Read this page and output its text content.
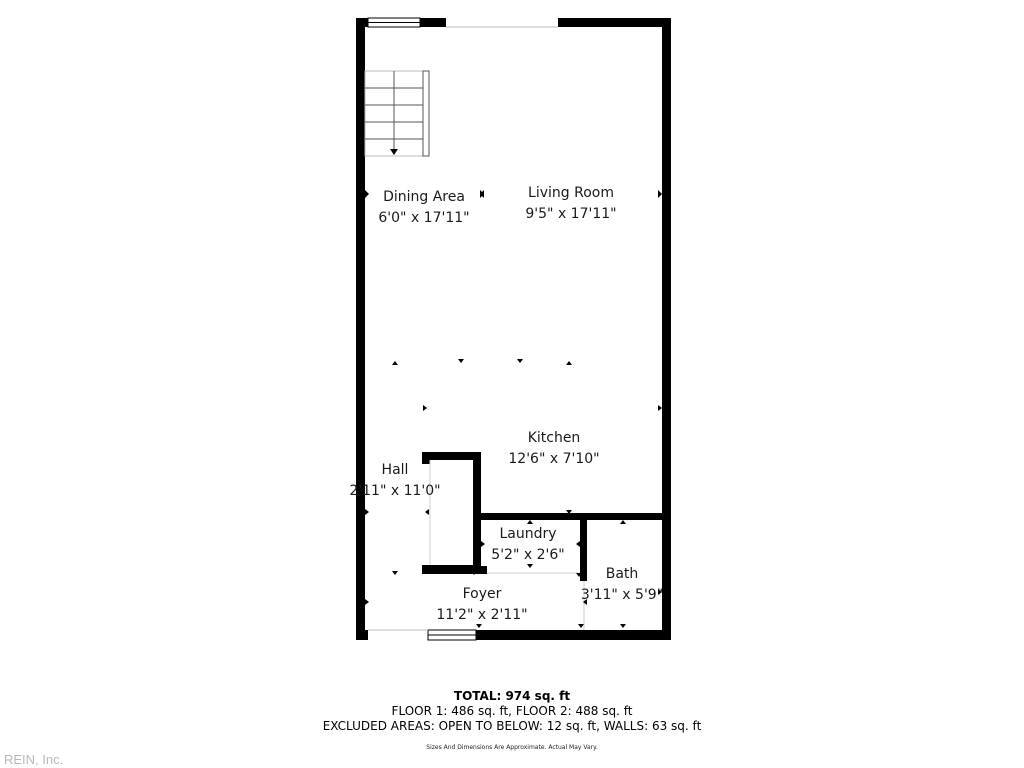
Dining Area
6'0" x 17'11"
Living Room
9'5" x 17'11"
Kitchen
12'6" x 7'10"
Hall
2'11" x 11'0"
Laundry
5'2" x 2'6"
Bath
3'11" x 5'9"
Foyer
11'2" x 2'11"
TOTAL: 974 sq. ft
FLOOR 1: 486 sq. ft, FLOOR 2: 488 sq. ft
EXCLUDED AREAS: OPEN TO BELOW: 12 sq. ft, WALLS: 63 sq. ft
Sizes And Dimensions Are Approximate. Actual May Vary.
REIN, Inc.
